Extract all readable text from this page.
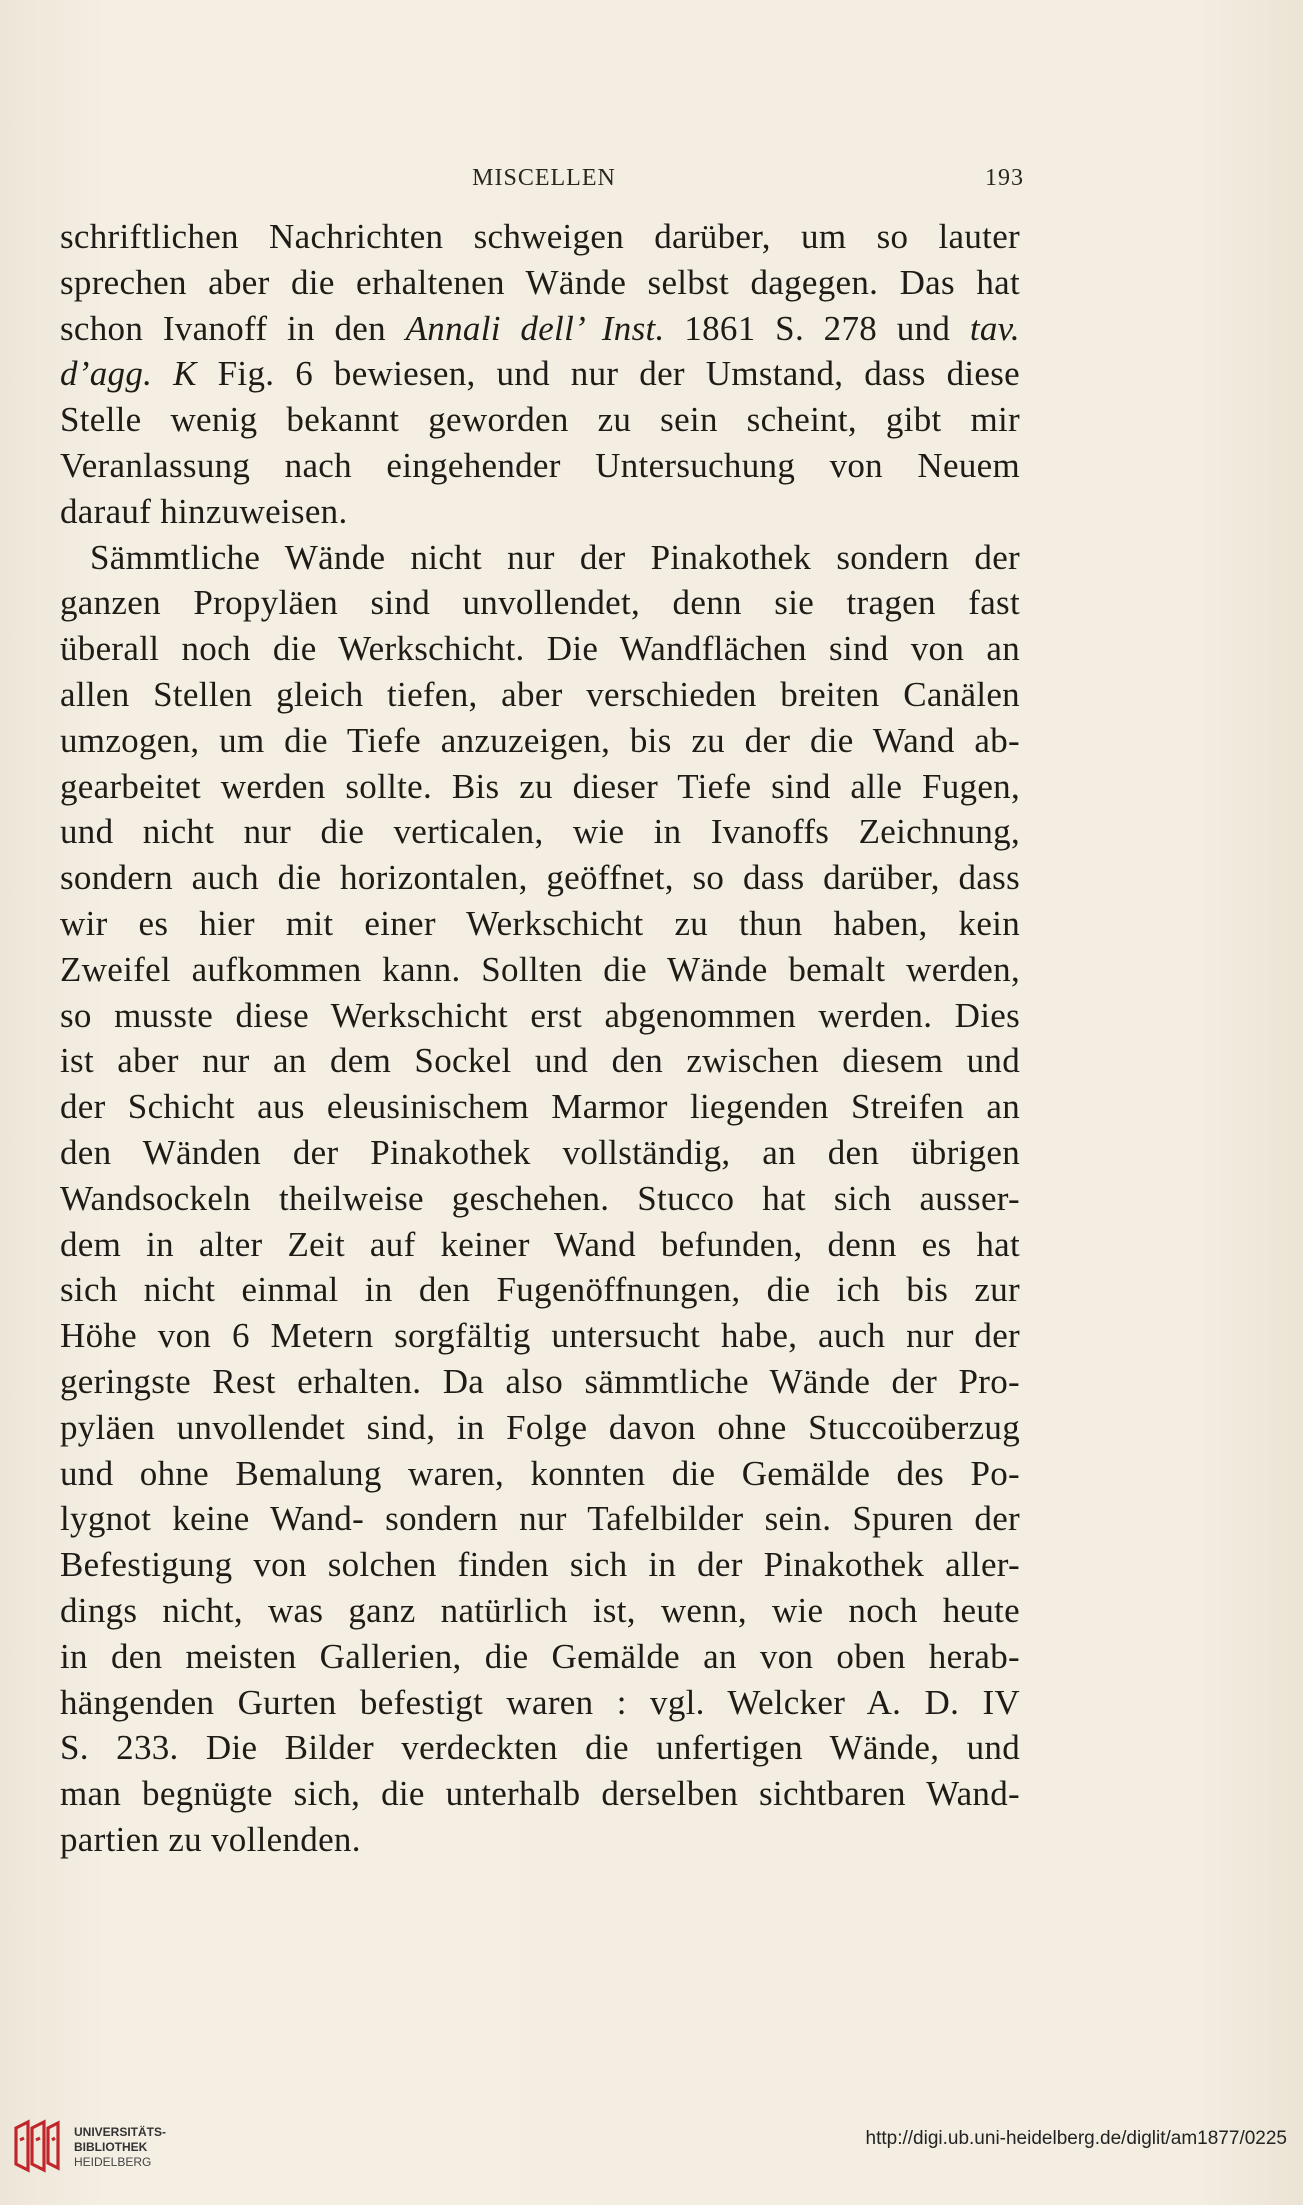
MISCELLEN	193
schriftlichen Nachrichten schweigen darüber, um so lauter
sprechen aber die erhaltenen Wände selbst dagegen. Das hat
schon Ivanoff in den Annali dell’ Inst. 1861 S. 278 und tav.
d’agg. K Fig. 6 bewiesen, und nur der Umstand, dass diese
Stelle wenig bekannt geworden zu sein scheint, gibt mir
Veranlassung nach eingehender Untersuchung von Neuem
darauf hinzuweisen.
Sämmtliche Wände nicht nur der Pinakothek sondern der
ganzen Propyläen sind unvollendet, denn sie tragen fast
überall noch die Werkschicht. Die Wandflächen sind von an
allen Stellen gleich tiefen, aber verschieden breiten Canälen
umzogen, um die Tiefe anzuzeigen, bis zu der die Wand ab-
gearbeitet werden sollte. Bis zu dieser Tiefe sind alle Fugen,
und nicht nur die verticalen, wie in Ivanoffs Zeichnung,
sondern auch die horizontalen, geöffnet, so dass darüber, dass
wir es hier mit einer Werkschicht zu thun haben, kein
Zweifel aufkommen kann. Sollten die Wände bemalt werden,
so musste diese Werkschicht erst abgenommen werden. Dies
ist aber nur an dem Sockel und den zwischen diesem und
der Schicht aus eleusinischem Marmor liegenden Streifen an
den Wänden der Pinakothek vollständig, an den übrigen
Wandsockeln theilweise geschehen. Stucco hat sich ausser-
dem in alter Zeit auf keiner Wand befunden, denn es hat
sich nicht einmal in den Fugenöffnungen, die ich bis zur
Höhe von 6 Metern sorgfältig untersucht habe, auch nur der
geringste Rest erhalten. Da also sämmtliche Wände der Pro-
pyläen unvollendet sind, in Folge davon ohne Stuccoüberzug
und ohne Bemalung waren, konnten die Gemälde des Po-
lygnot keine Wand- sondern nur Tafelbilder sein. Spuren der
Befestigung von solchen finden sich in der Pinakothek aller-
dings nicht, was ganz natürlich ist, wenn, wie noch heute
in den meisten Gallerien, die Gemälde an von oben herab-
hängenden Gurten befestigt waren : vgl. Welcker A. D. IV
S. 233. Die Bilder verdeckten die unfertigen Wände, und
man begnügte sich, die unterhalb derselben sichtbaren Wand-
partien zu vollenden.
UNIVERSITÄTS-
BIBLIOTHEK
HEIDELBERG
http://digi.ub.uni-heidelberg.de/diglit/am1877/0225
